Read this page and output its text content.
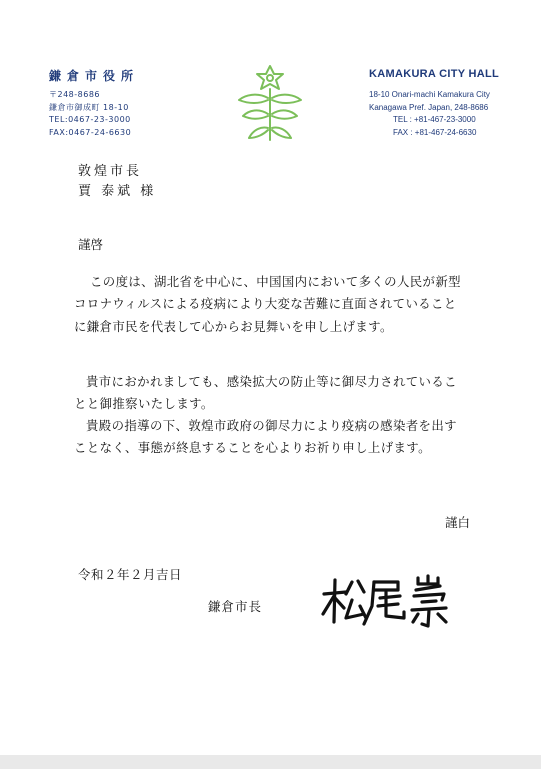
鎌倉市役所
〒248-8686
鎌倉市御成町 18-10
TEL:0467-23-3000
FAX:0467-24-6630
KAMAKURA CITY HALL
18-10 Onari-machi Kamakura City
Kanagawa Pref. Japan, 248-8686
TEL : +81-467-23-3000
FAX : +81-467-24-6630
敦煌市長
賈 泰斌 様
謹啓
この度は、湖北省を中心に、中国国内において多くの人民が新型コロナウィルスによる疫病により大変な苦難に直面されていることに鎌倉市民を代表して心からお見舞いを申し上げます。
貴市におかれましても、感染拡大の防止等に御尽力されていることと御推察いたします。
貴殿の指導の下、敦煌市政府の御尽力により疫病の感染者を出すことなく、事態が終息することを心よりお祈り申し上げます。
謹白
令和２年２月吉日
鎌倉市長
